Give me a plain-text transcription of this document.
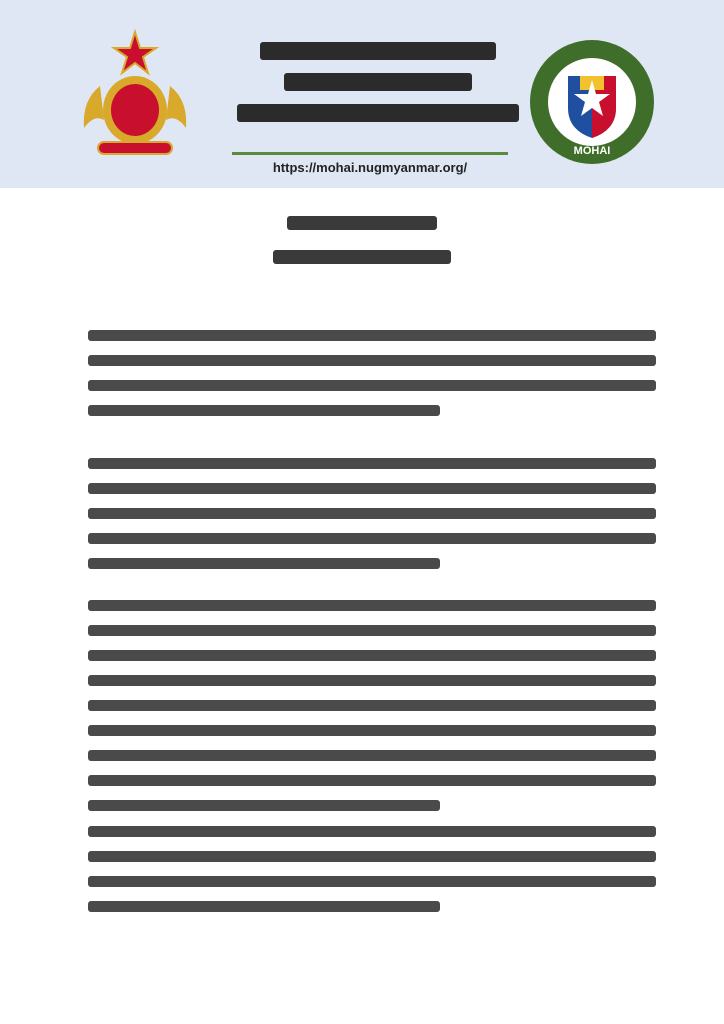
https://mohai.nugmyanmar.org/
MOHAI
